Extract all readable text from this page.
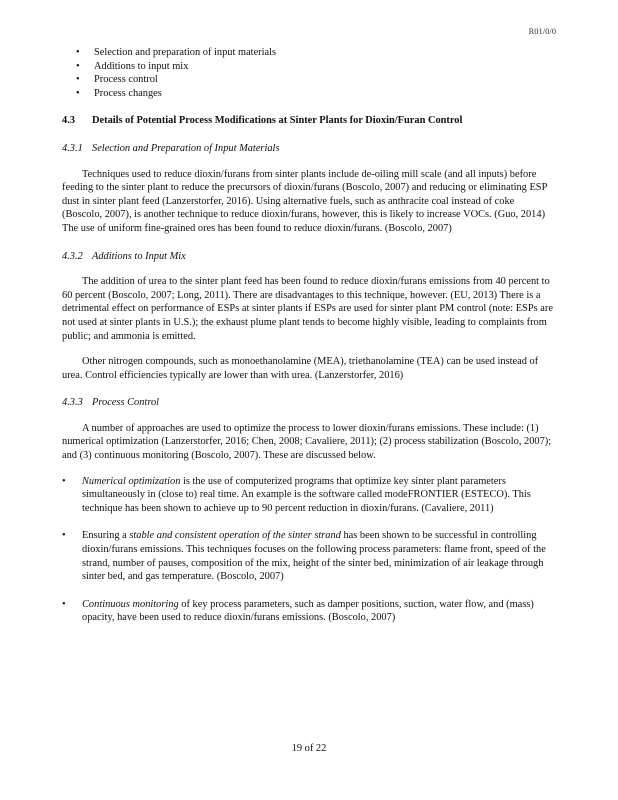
R01/0/0
• Selection and preparation of input materials
• Additions to input mix
• Process control
• Process changes
4.3	Details of Potential Process Modifications at Sinter Plants for Dioxin/Furan Control
4.3.1 Selection and Preparation of Input Materials

Techniques used to reduce dioxin/furans from sinter plants include de-oiling mill scale (and all inputs) before feeding to the sinter plant to reduce the precursors of dioxin/furans (Boscolo, 2007) and reducing or eliminating ESP dust in sinter plant feed (Lanzerstorfer, 2016). Using alternative fuels, such as anthracite coal instead of coke (Boscolo, 2007), is another technique to reduce dioxin/furans, however, this is likely to increase VOCs. (Guo, 2014) The use of uniform fine-grained ores has been found to reduce dioxin/furans. (Boscolo, 2007)

4.3.2 Additions to Input Mix

The addition of urea to the sinter plant feed has been found to reduce dioxin/furans emissions from 40 percent to 60 percent (Boscolo, 2007; Long, 2011). There are disadvantages to this technique, however. (EU, 2013) There is a detrimental effect on performance of ESPs at sinter plants if ESPs are used for sinter plant PM control (note: ESPs are not used at sinter plants in U.S.); the exhaust plume plant tends to become highly visible, leading to complaints from public; and ammonia is emitted.

Other nitrogen compounds, such as monoethanolamine (MEA), triethanolamine (TEA) can be used instead of urea. Control efficiencies typically are lower than with urea. (Lanzerstorfer, 2016)

4.3.3 Process Control

A number of approaches are used to optimize the process to lower dioxin/furans emissions. These include: (1) numerical optimization (Lanzerstorfer, 2016; Chen, 2008; Cavaliere, 2011); (2) process stabilization (Boscolo, 2007); and (3) continuous monitoring (Boscolo, 2007). These are discussed below.

• Numerical optimization is the use of computerized programs that optimize key sinter plant parameters simultaneously in (close to) real time. An example is the software called modeFRONTIER (ESTECO). This technique has been shown to achieve up to 90 percent reduction in dioxin/furans. (Cavaliere, 2011)
• Ensuring a stable and consistent operation of the sinter strand has been shown to be successful in controlling dioxin/furans emissions. This techniques focuses on the following process parameters: flame front, speed of the strand, number of pauses, composition of the mix, height of the sinter bed, minimization of air leakage through sinter bed, and gas temperature. (Boscolo, 2007)
• Continuous monitoring of key process parameters, such as damper positions, suction, water flow, and (mass) opacity, have been used to reduce dioxin/furans emissions. (Boscolo, 2007)
19 of 22
